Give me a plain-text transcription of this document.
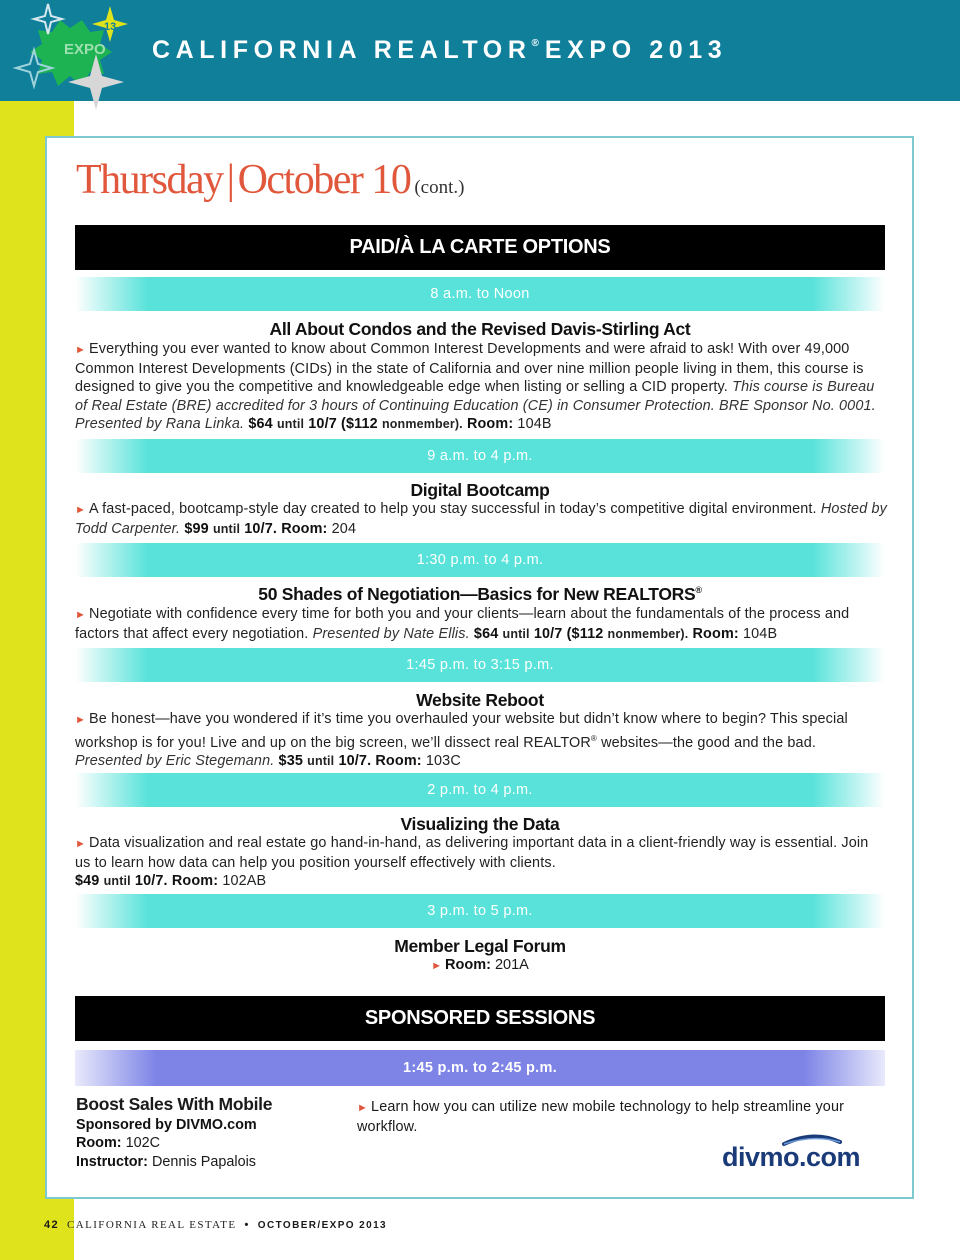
EXPO
13
CALIFORNIA REALTOR® EXPO 2013
Thursday|October 10 (cont.)
PAID/À LA CARTE OPTIONS
8 a.m. to Noon
All About Condos and the Revised Davis-Stirling Act
► Everything you ever wanted to know about Common Interest Developments and were afraid to ask! With over 49,000 Common Interest Developments (CIDs) in the state of California and over nine million people living in them, this course is designed to give you the competitive and knowledgeable edge when listing or selling a CID property. This course is Bureau of Real Estate (BRE) accredited for 3 hours of Continuing Education (CE) in Consumer Protection. BRE Sponsor No. 0001. Presented by Rana Linka. $64 until 10/7 ($112 nonmember). Room: 104B
9 a.m. to 4 p.m.
Digital Bootcamp
► A fast-paced, bootcamp-style day created to help you stay successful in today’s competitive digital environment. Hosted by Todd Carpenter. $99 until 10/7. Room: 204
1:30 p.m. to 4 p.m.
50 Shades of Negotiation—Basics for New REALTORS®
► Negotiate with confidence every time for both you and your clients—learn about the fundamentals of the process and factors that affect every negotiation. Presented by Nate Ellis. $64 until 10/7 ($112 nonmember). Room: 104B
1:45 p.m. to 3:15 p.m.
Website Reboot
► Be honest—have you wondered if it’s time you overhauled your website but didn’t know where to begin? This special workshop is for you! Live and up on the big screen, we’ll dissect real REALTOR® websites—the good and the bad. Presented by Eric Stegemann. $35 until 10/7. Room: 103C
2 p.m. to 4 p.m.
Visualizing the Data
► Data visualization and real estate go hand-in-hand, as delivering important data in a client-friendly way is essential. Join us to learn how data can help you position yourself effectively with clients.
$49 until 10/7. Room: 102AB
3 p.m. to 5 p.m.
Member Legal Forum
► Room: 201A
SPONSORED SESSIONS
1:45 p.m. to 2:45 p.m.
Boost Sales With Mobile
Sponsored by DIVMO.com
Room: 102C
Instructor: Dennis Papalois
► Learn how you can utilize new mobile technology to help streamline your workflow.
divmo.com
42 CALIFORNIA REAL ESTATE • OCTOBER/EXPO 2013
